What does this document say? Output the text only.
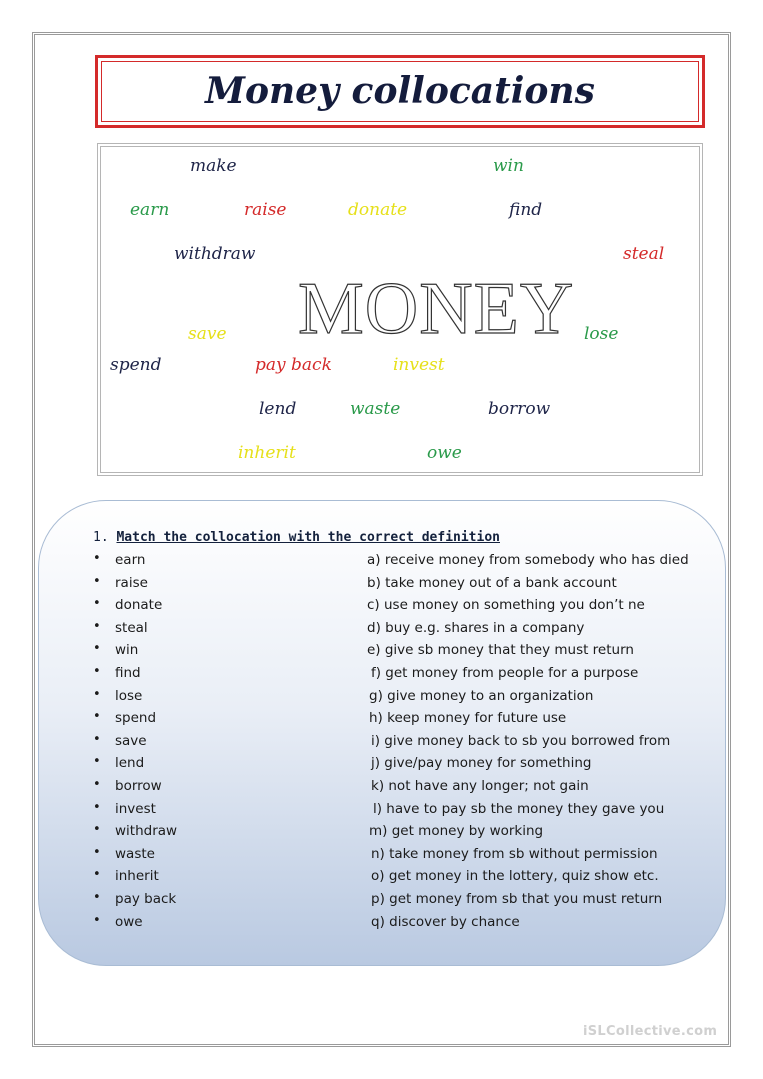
Money collocations
make	win
earn	raise	donate	find
withdraw	steal
save	lose
spend	pay back	invest
lend	waste	borrow
inherit	owe
MONEY
1. Match the collocation with the correct definition
• earn	a) receive money from somebody who has died
• raise	b) take money out of a bank account
• donate	c) use money on something you don’t ne
• steal	d) buy e.g. shares in a company
• win	e) give sb money that they must return
• find	f) get money from people for a purpose
• lose	g) give money to an organization
• spend	h) keep money for future use
• save	i) give money back to sb you borrowed from
• lend	j) give/pay money for something
• borrow	k) not have any longer; not gain
• invest	l) have to pay sb the money they gave you
• withdraw	m) get money by working
• waste	n) take money from sb without permission
• inherit	o) get money in the lottery, quiz show etc.
• pay back	p) get money from sb that you must return
• owe	q) discover by chance
iSLCollective.com
